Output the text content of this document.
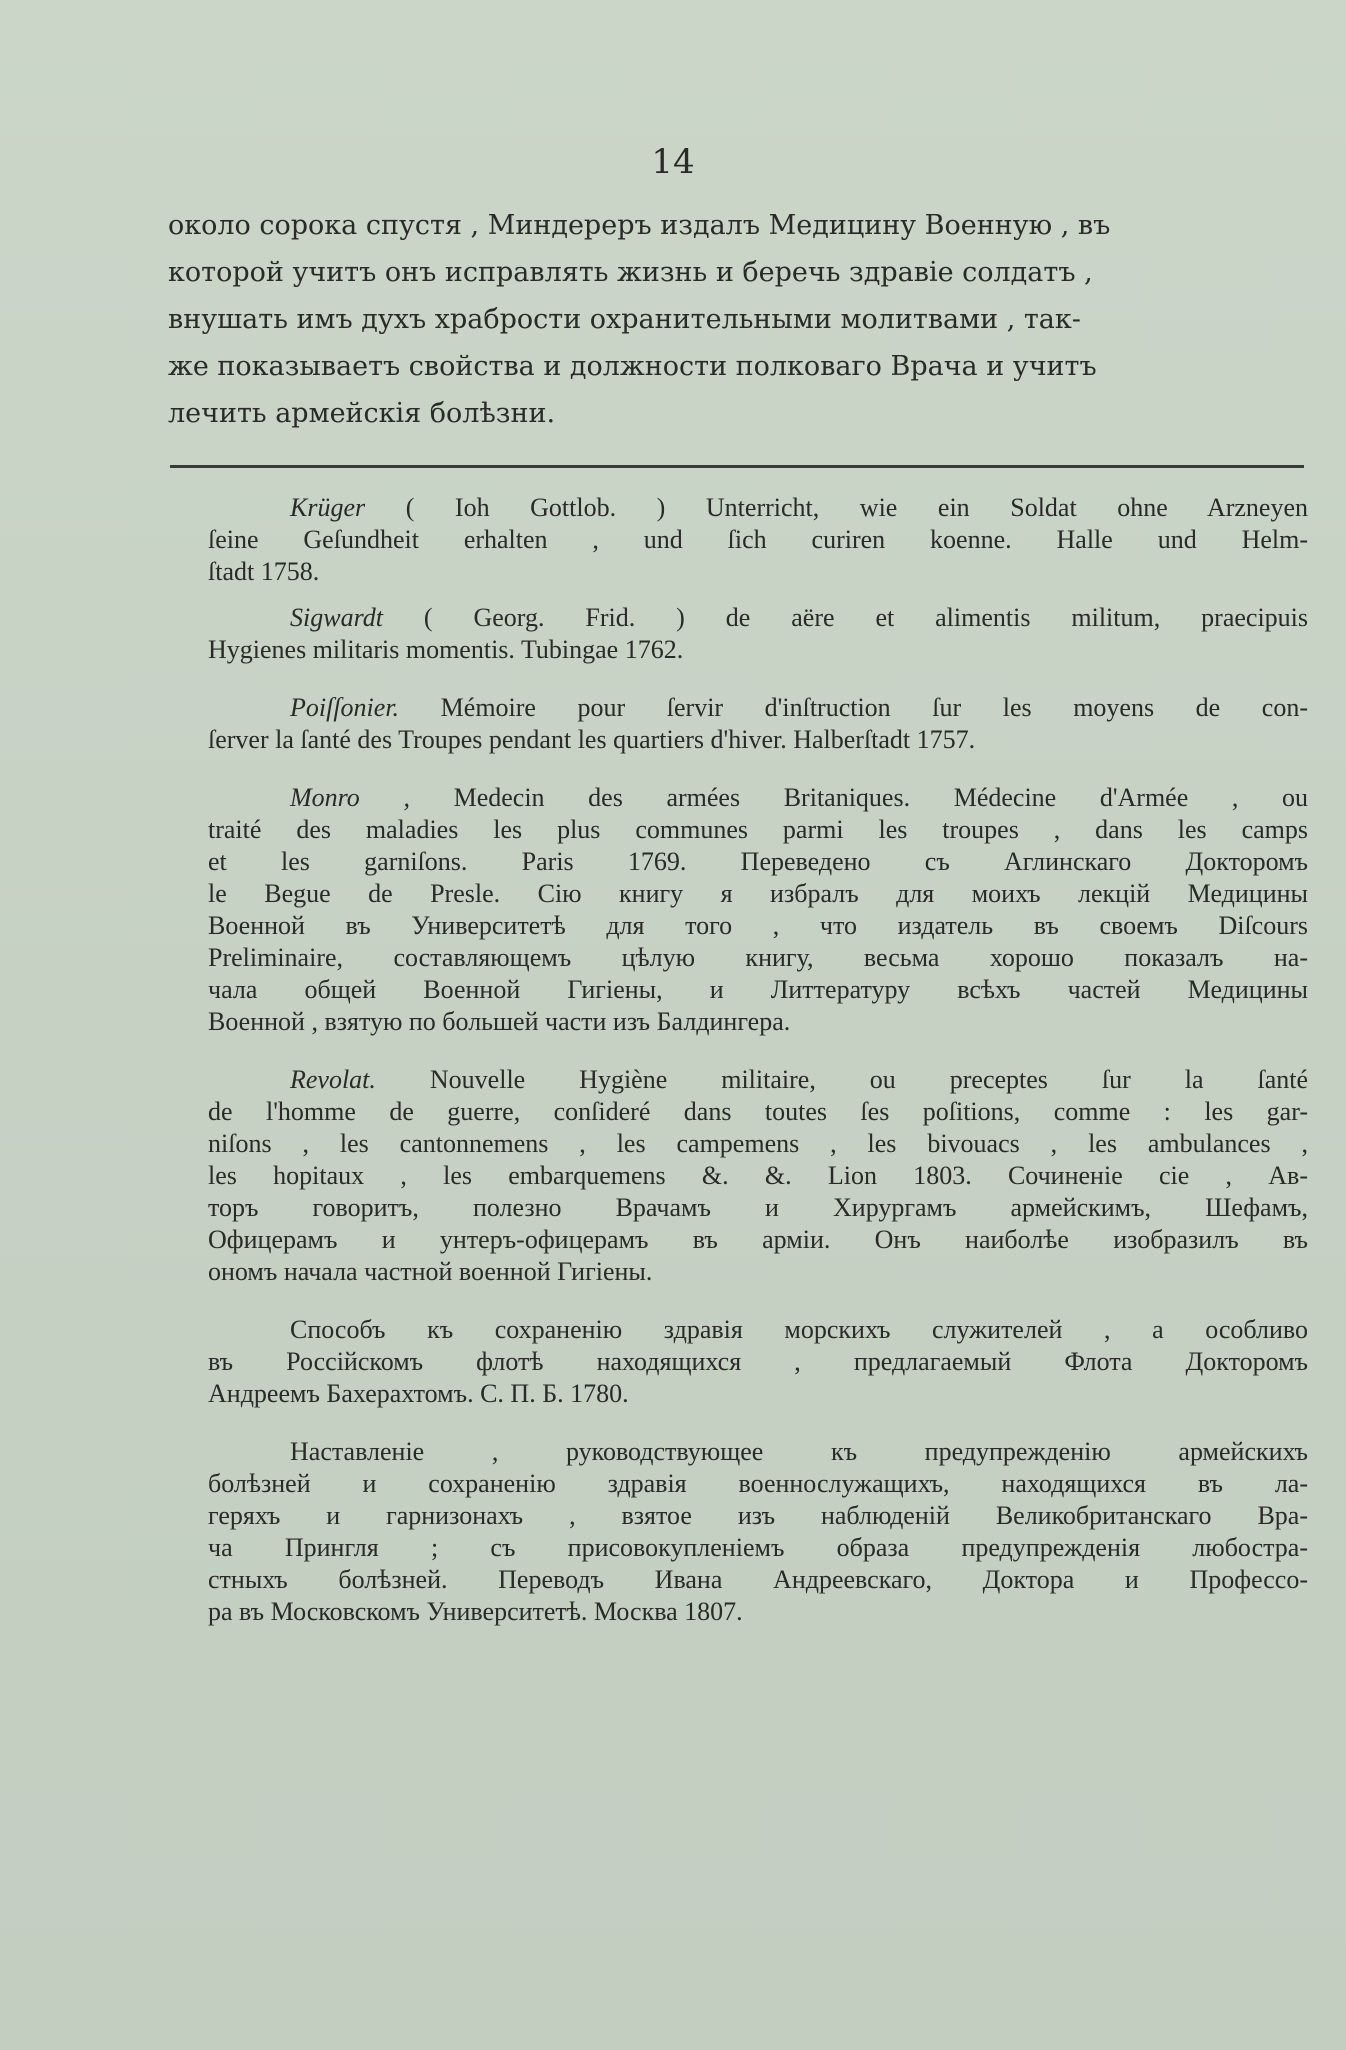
14

около сорока спустя , Миндереръ издалъ Медицину Военную , въ

которой учитъ онъ исправлять жизнь и беречь здравіе солдатъ ,

внушать имъ духъ храбрости охранительными молитвами , так-

же показываетъ свойства и должности полковаго Врача и учитъ

лечить армейскія болѣзни.

Krüger ( Ioh Gottlob. ) Unterricht, wie ein Soldat ohne Arzneyen
ſeine Geſundheit erhalten , und ſich curiren koenne. Halle und Helm-
ſtadt 1758.
Sigwardt ( Georg. Frid. ) de aëre et alimentis militum, praecipuis
Hygienes militaris momentis. Tubingae 1762.
Poiſſonier. Mémoire pour ſervir d'inſtruction ſur les moyens de con-
ſerver la ſanté des Troupes pendant les quartiers d'hiver. Halberſtadt 1757.
Monro , Medecin des armées Britaniques. Médecine d'Armée , ou
traité des maladies les plus communes parmi les troupes , dans les camps
et les garniſons. Paris 1769. Переведено съ Аглинскаго Докторомъ
le Begue de Presle. Сію книгу я избралъ для моихъ лекцій Медицины
Военной въ Университетѣ для того , что издатель въ своемъ Diſcours
Preliminaire, составляющемъ цѣлую книгу, весьма хорошо показалъ на-
чала общей Военной Гигіены, и Литтературу всѣхъ частей Медицины
Военной , взятую по большей части изъ Балдингера.
Revolat. Nouvelle Hygiène militaire, ou preceptes ſur la ſanté
de l'homme de guerre, conſideré dans toutes ſes poſitions, comme : les gar-
niſons , les cantonnemens , les campemens , les bivouacs , les ambulances ,
les hopitaux , les embarquemens &. &. Lion 1803. Сочиненіе сіе , Ав-
торъ говоритъ, полезно Врачамъ и Хирургамъ армейскимъ, Шефамъ,
Офицерамъ и унтеръ-офицерамъ въ арміи. Онъ наиболѣе изобразилъ въ
ономъ начала частной военной Гигіены.
Способъ къ сохраненію здравія морскихъ служителей , а особливо
въ Россійскомъ флотѣ находящихся , предлагаемый Флота Докторомъ
Андреемъ Бахерахтомъ. С. П. Б. 1780.
Наставленіе , руководствующее къ предупрежденію армейскихъ
болѣзней и сохраненію здравія военнослужащихъ, находящихся въ ла-
геряхъ и гарнизонахъ , взятое изъ наблюденій Великобританскаго Вра-
ча Прингля ; съ присовокупленіемъ образа предупрежденія любостра-
стныхъ болѣзней. Переводъ Ивана Андреевскаго, Доктора и Профессо-
ра въ Московскомъ Университетѣ. Москва 1807.
